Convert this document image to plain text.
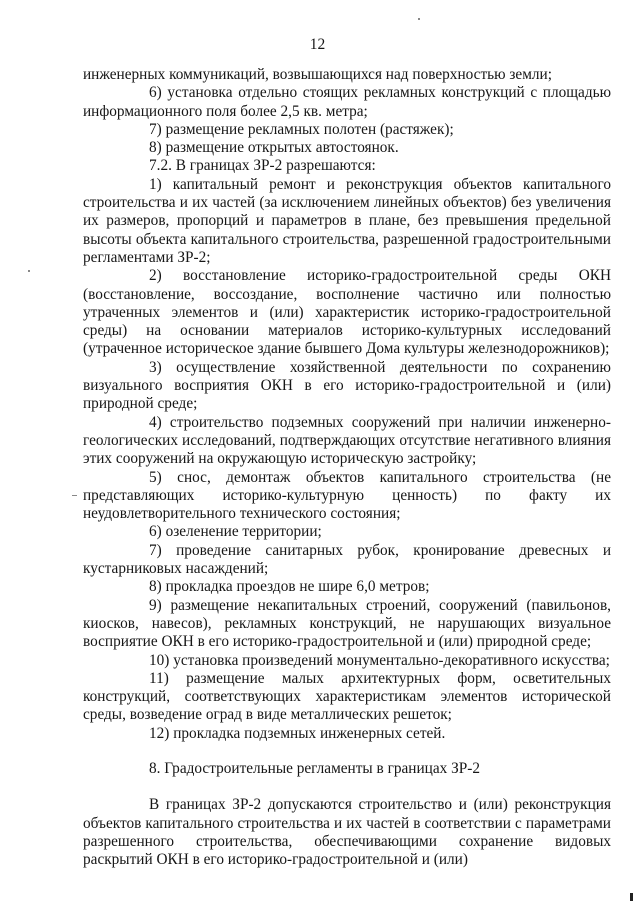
12

инженерных коммуникаций, возвышающихся над поверхностью земли;

6) установка отдельно стоящих рекламных конструкций с площадью информационного поля более 2,5 кв. метра;

7) размещение рекламных полотен (растяжек);

8) размещение открытых автостоянок.

7.2. В границах ЗР-2 разрешаются:

1) капитальный ремонт и реконструкция объектов капитального строительства и их частей (за исключением линейных объектов) без увеличения их размеров, пропорций и параметров в плане, без превышения предельной высоты объекта капитального строительства, разрешенной градостроительными регламентами ЗР-2;

2) восстановление историко-градостроительной среды ОКН (восстановление, воссоздание, восполнение частично или полностью утраченных элементов и (или) характеристик историко-градостроительной среды) на основании материалов историко-культурных исследований (утраченное историческое здание бывшего Дома культуры железнодорожников);

3) осуществление хозяйственной деятельности по сохранению визуального восприятия ОКН в его историко-градостроительной и (или) природной среде;

4) строительство подземных сооружений при наличии инженерно-геологических исследований, подтверждающих отсутствие негативного влияния этих сооружений на окружающую историческую застройку;

5) снос, демонтаж объектов капитального строительства (не представляющих историко-культурную ценность) по факту их неудовлетворительного технического состояния;

6) озеленение территории;

7) проведение санитарных рубок, кронирование древесных и кустарниковых насаждений;

8) прокладка проездов не шире 6,0 метров;

9) размещение некапитальных строений, сооружений (павильонов, киосков, навесов), рекламных конструкций, не нарушающих визуальное восприятие ОКН в его историко-градостроительной и (или) природной среде;

10) установка произведений монументально-декоративного искусства;

11) размещение малых архитектурных форм, осветительных конструкций, соответствующих характеристикам элементов исторической среды, возведение оград в виде металлических решеток;

12) прокладка подземных инженерных сетей.

8. Градостроительные регламенты в границах ЗР-2

В границах ЗР-2 допускаются строительство и (или) реконструкция объектов капитального строительства и их частей в соответствии с параметрами разрешенного строительства, обеспечивающими сохранение видовых раскрытий ОКН в его историко-градостроительной и (или)
